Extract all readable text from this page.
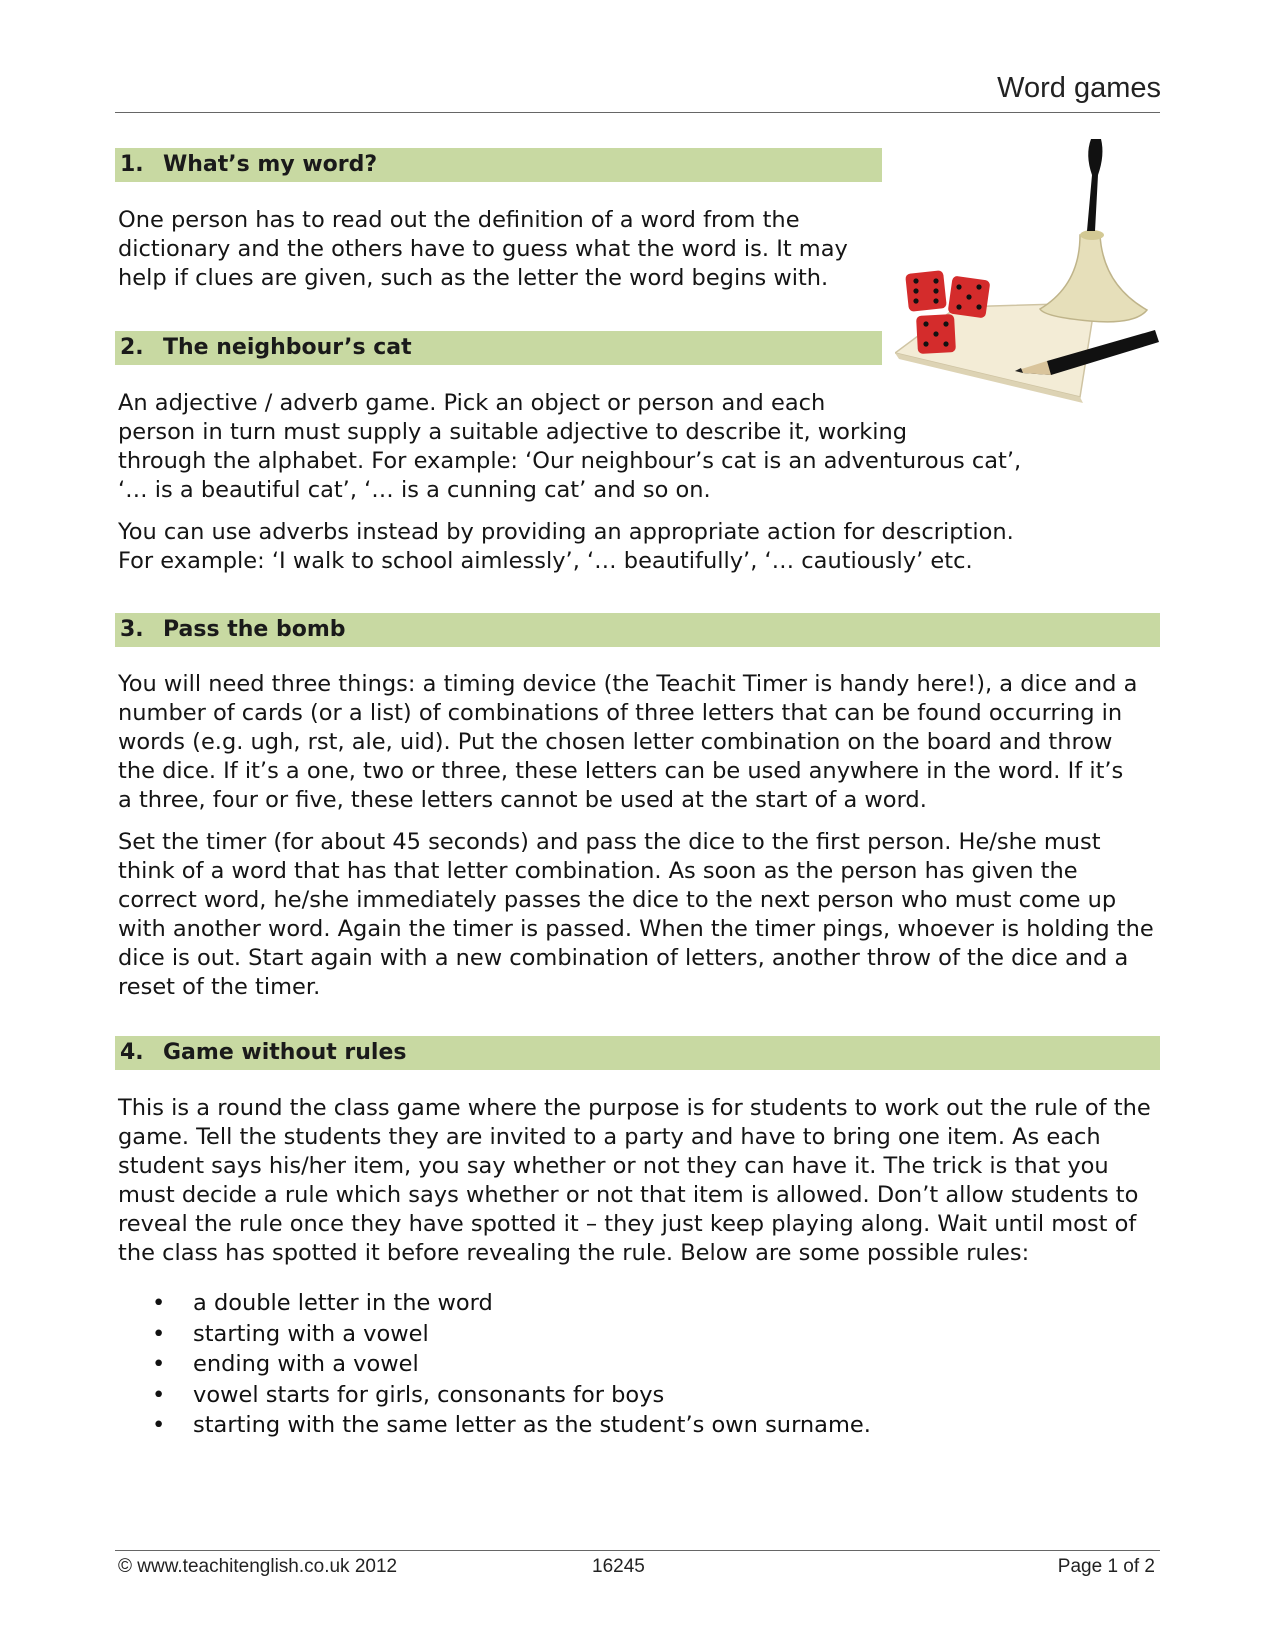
Word games
1. What’s my word?

One person has to read out the definition of a word from the
dictionary and the others have to guess what the word is. It may
help if clues are given, such as the letter the word begins with.

2. The neighbour’s cat

An adjective / adverb game. Pick an object or person and each
person in turn must supply a suitable adjective to describe it, working
through the alphabet. For example: ‘Our neighbour’s cat is an adventurous cat’,
‘… is a beautiful cat’, ‘… is a cunning cat’ and so on.

You can use adverbs instead by providing an appropriate action for description.
For example: ‘I walk to school aimlessly’, ‘… beautifully’, ‘… cautiously’ etc.

3. Pass the bomb

You will need three things: a timing device (the Teachit Timer is handy here!), a dice and a
number of cards (or a list) of combinations of three letters that can be found occurring in
words (e.g. ugh, rst, ale, uid). Put the chosen letter combination on the board and throw
the dice. If it’s a one, two or three, these letters can be used anywhere in the word. If it’s
a three, four or five, these letters cannot be used at the start of a word.

Set the timer (for about 45 seconds) and pass the dice to the first person. He/she must
think of a word that has that letter combination. As soon as the person has given the
correct word, he/she immediately passes the dice to the next person who must come up
with another word. Again the timer is passed. When the timer pings, whoever is holding the
dice is out. Start again with a new combination of letters, another throw of the dice and a
reset of the timer.

4. Game without rules

This is a round the class game where the purpose is for students to work out the rule of the
game. Tell the students they are invited to a party and have to bring one item. As each
student says his/her item, you say whether or not they can have it. The trick is that you
must decide a rule which says whether or not that item is allowed. Don’t allow students to
reveal the rule once they have spotted it – they just keep playing along. Wait until most of
the class has spotted it before revealing the rule. Below are some possible rules:

• a double letter in the word
• starting with a vowel
• ending with a vowel
• vowel starts for girls, consonants for boys
• starting with the same letter as the student’s own surname.
© www.teachitenglish.co.uk 2012	16245	Page 1 of 2
